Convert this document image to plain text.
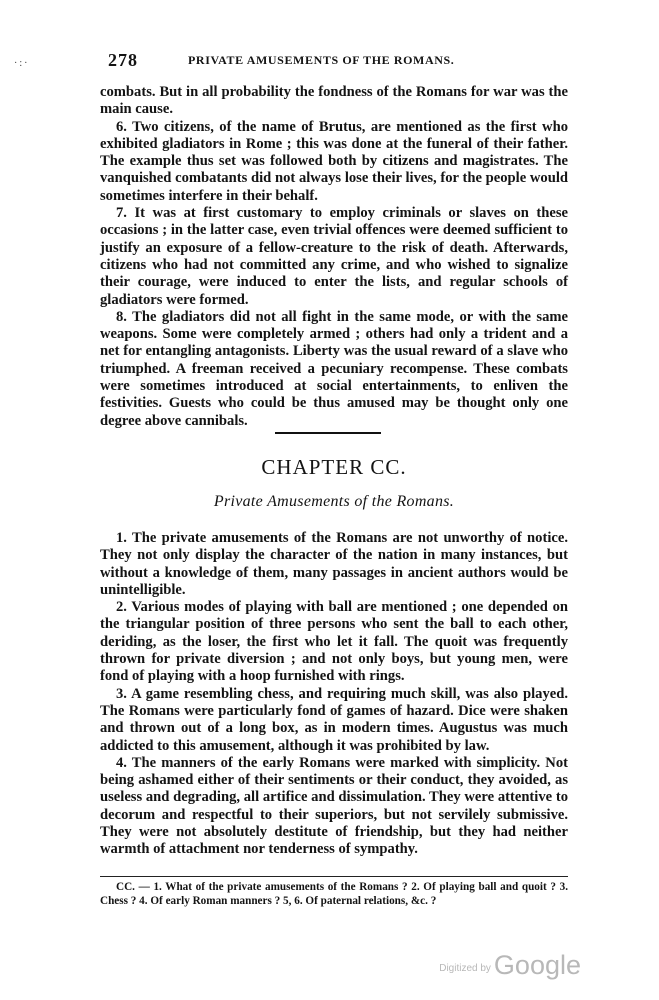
·:·	278	PRIVATE AMUSEMENTS OF THE ROMANS.

combats. But in all probability the fondness of the Romans for war was the main cause.

6. Two citizens, of the name of Brutus, are mentioned as the first who exhibited gladiators in Rome ; this was done at the funeral of their father. The example thus set was followed both by citizens and magistrates. The vanquished combatants did not always lose their lives, for the people would sometimes interfere in their behalf.

7. It was at first customary to employ criminals or slaves on these occasions ; in the latter case, even trivial offences were deemed sufficient to justify an exposure of a fellow-creature to the risk of death. Afterwards, citizens who had not committed any crime, and who wished to signalize their courage, were induced to enter the lists, and regular schools of gladiators were formed.

8. The gladiators did not all fight in the same mode, or with the same weapons. Some were completely armed ; others had only a trident and a net for entangling antagonists. Liberty was the usual reward of a slave who triumphed. A freeman received a pecuniary recompense. These combats were sometimes introduced at social entertainments, to enliven the festivities. Guests who could be thus amused may be thought only one degree above cannibals.

CHAPTER CC.
Private Amusements of the Romans.

1. The private amusements of the Romans are not unworthy of notice. They not only display the character of the nation in many instances, but without a knowledge of them, many passages in ancient authors would be unintelligible.

2. Various modes of playing with ball are mentioned ; one depended on the triangular position of three persons who sent the ball to each other, deriding, as the loser, the first who let it fall. The quoit was frequently thrown for private diversion ; and not only boys, but young men, were fond of playing with a hoop furnished with rings.

3. A game resembling chess, and requiring much skill, was also played. The Romans were particularly fond of games of hazard. Dice were shaken and thrown out of a long box, as in modern times. Augustus was much addicted to this amusement, although it was prohibited by law.

4. The manners of the early Romans were marked with simplicity. Not being ashamed either of their sentiments or their conduct, they avoided, as useless and degrading, all artifice and dissimulation. They were attentive to decorum and respectful to their superiors, but not servilely submissive. They were not absolutely destitute of friendship, but they had neither warmth of attachment nor tenderness of sympathy.

CC. — 1. What of the private amusements of the Romans ? 2. Of playing ball and quoit ? 3. Chess ? 4. Of early Roman manners ? 5, 6. Of paternal relations, &c. ?

Digitized by Google
